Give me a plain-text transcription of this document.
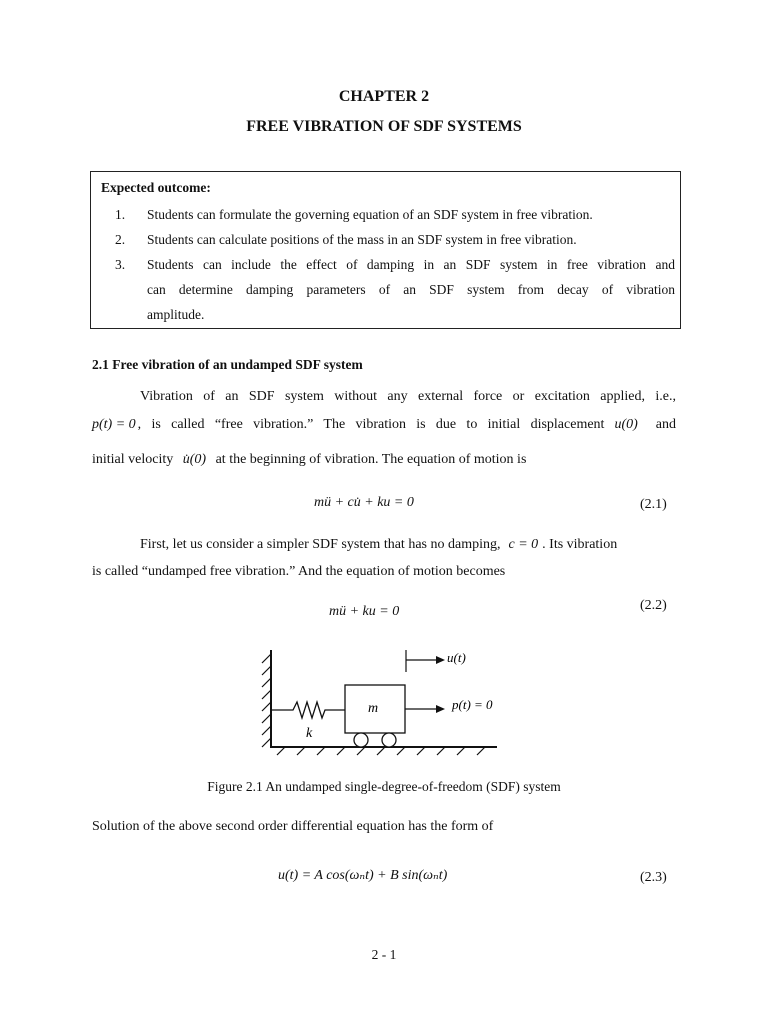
CHAPTER 2
FREE VIBRATION OF SDF SYSTEMS
Expected outcome:
1.	Students can formulate the governing equation of an SDF system in free vibration.
2.	Students can calculate positions of the mass in an SDF system in free vibration.
3.	Students can include the effect of damping in an SDF system in free vibration and
can determine damping parameters of an SDF system from decay of vibration
amplitude.
2.1 Free vibration of an undamped SDF system
Vibration of an SDF system without any external force or excitation applied, i.e.,
p(t) = 0 , is called “free vibration.” The vibration is due to initial displacement u(0) and
initial velocity u̇(0) at the beginning of vibration. The equation of motion is
mü + cu̇ + ku = 0	(2.1)
First, let us consider a simpler SDF system that has no damping, c = 0 . Its vibration
is called “undamped free vibration.” And the equation of motion becomes
mü + ku = 0	(2.2)
m
k
u(t)
p(t) = 0
Figure 2.1 An undamped single-degree-of-freedom (SDF) system
Solution of the above second order differential equation has the form of
u(t) = A cos(ωₙt) + B sin(ωₙt)	(2.3)
2 - 1
